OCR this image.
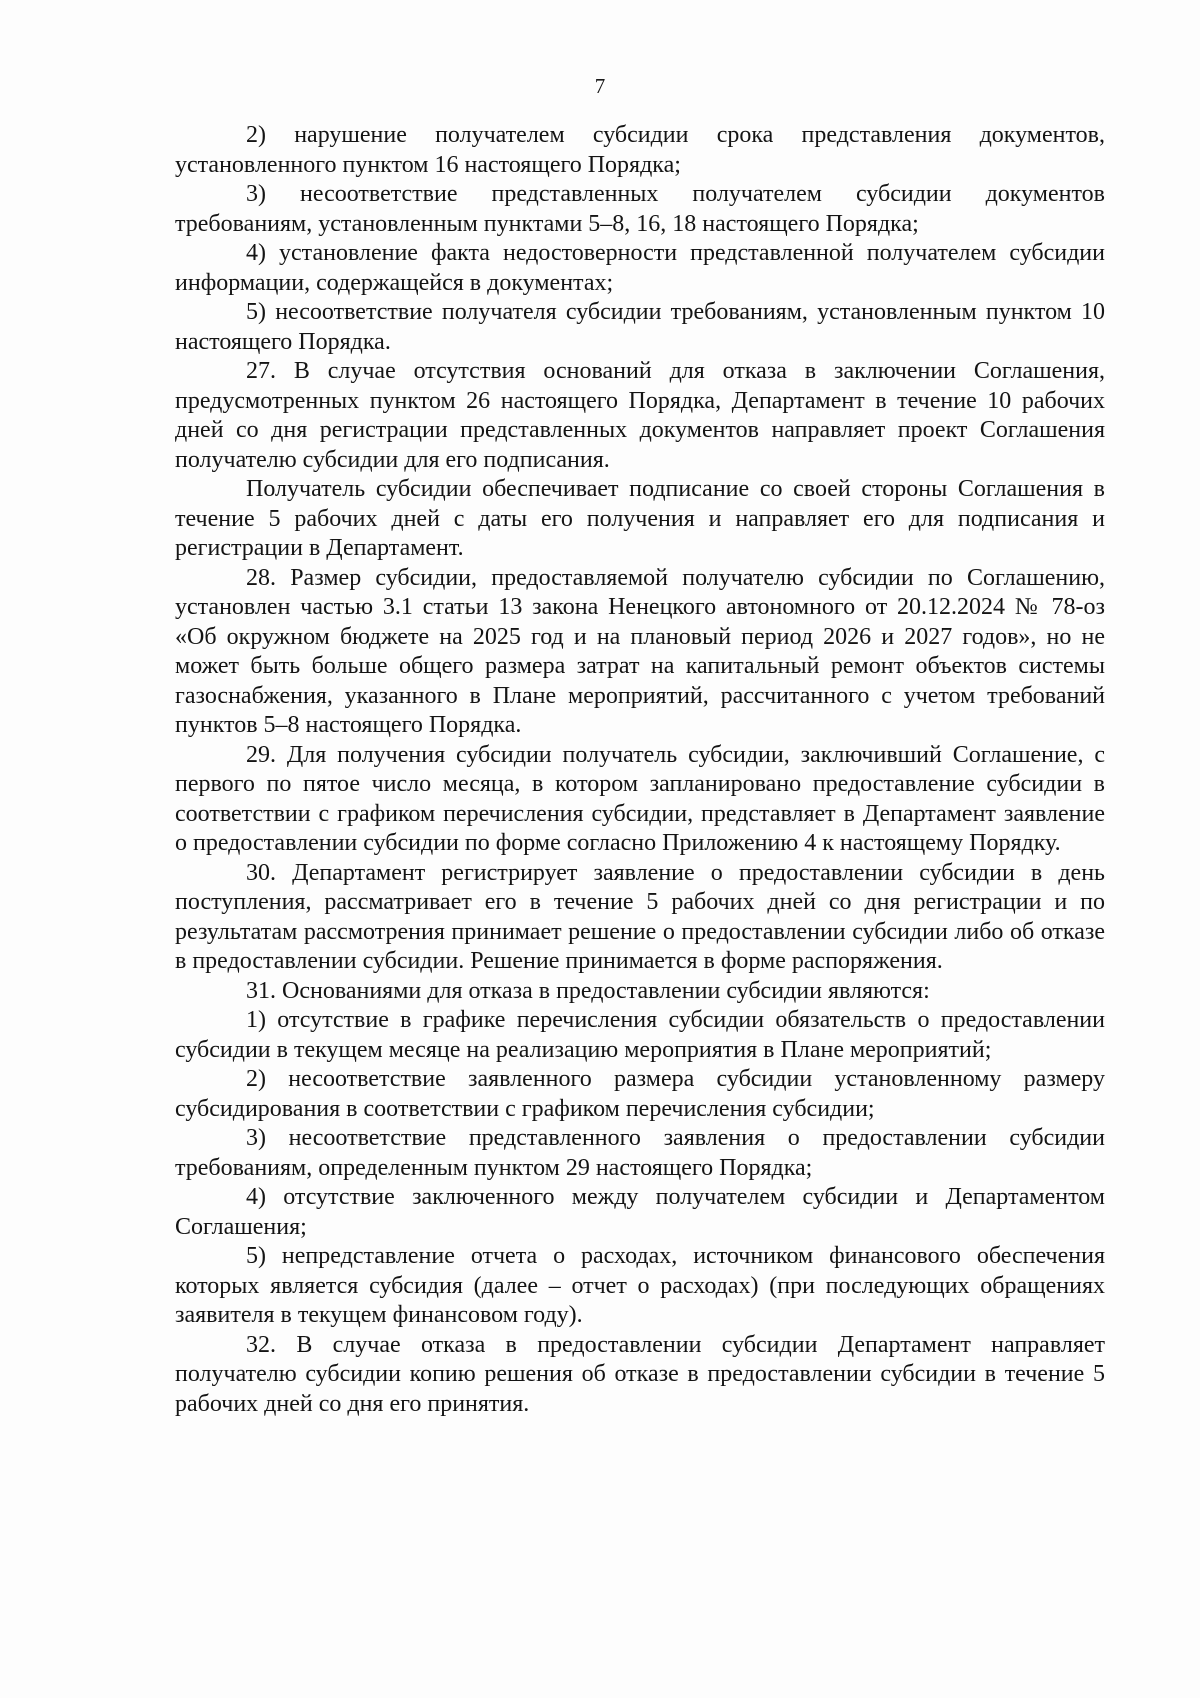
7

2) нарушение получателем субсидии срока представления документов, установленного пунктом 16 настоящего Порядка;

3) несоответствие представленных получателем субсидии документов требованиям, установленным пунктами 5–8, 16, 18 настоящего Порядка;

4) установление факта недостоверности представленной получателем субсидии информации, содержащейся в документах;

5) несоответствие получателя субсидии требованиям, установленным пунктом 10 настоящего Порядка.

27. В случае отсутствия оснований для отказа в заключении Соглашения, предусмотренных пунктом 26 настоящего Порядка, Департамент в течение 10 рабочих дней со дня регистрации представленных документов направляет проект Соглашения получателю субсидии для его подписания.

Получатель субсидии обеспечивает подписание со своей стороны Соглашения в течение 5 рабочих дней с даты его получения и направляет его для подписания и регистрации в Департамент.

28. Размер субсидии, предоставляемой получателю субсидии по Соглашению, установлен частью 3.1 статьи 13 закона Ненецкого автономного от 20.12.2024 № 78-оз «Об окружном бюджете на 2025 год и на плановый период 2026 и 2027 годов», но не может быть больше общего размера затрат на капитальный ремонт объектов системы газоснабжения, указанного в Плане мероприятий, рассчитанного с учетом требований пунктов 5–8 настоящего Порядка.

29. Для получения субсидии получатель субсидии, заключивший Соглашение, с первого по пятое число месяца, в котором запланировано предоставление субсидии в соответствии с графиком перечисления субсидии, представляет в Департамент заявление о предоставлении субсидии по форме согласно Приложению 4 к настоящему Порядку.

30. Департамент регистрирует заявление о предоставлении субсидии в день поступления, рассматривает его в течение 5 рабочих дней со дня регистрации и по результатам рассмотрения принимает решение о предоставлении субсидии либо об отказе в предоставлении субсидии. Решение принимается в форме распоряжения.

31. Основаниями для отказа в предоставлении субсидии являются:

1) отсутствие в графике перечисления субсидии обязательств о предоставлении субсидии в текущем месяце на реализацию мероприятия в Плане мероприятий;

2) несоответствие заявленного размера субсидии установленному размеру субсидирования в соответствии с графиком перечисления субсидии;

3) несоответствие представленного заявления о предоставлении субсидии требованиям, определенным пунктом 29 настоящего Порядка;

4) отсутствие заключенного между получателем субсидии и Департаментом Соглашения;

5) непредставление отчета о расходах, источником финансового обеспечения которых является субсидия (далее – отчет о расходах) (при последующих обращениях заявителя в текущем финансовом году).

32. В случае отказа в предоставлении субсидии Департамент направляет получателю субсидии копию решения об отказе в предоставлении субсидии в течение 5 рабочих дней со дня его принятия.
